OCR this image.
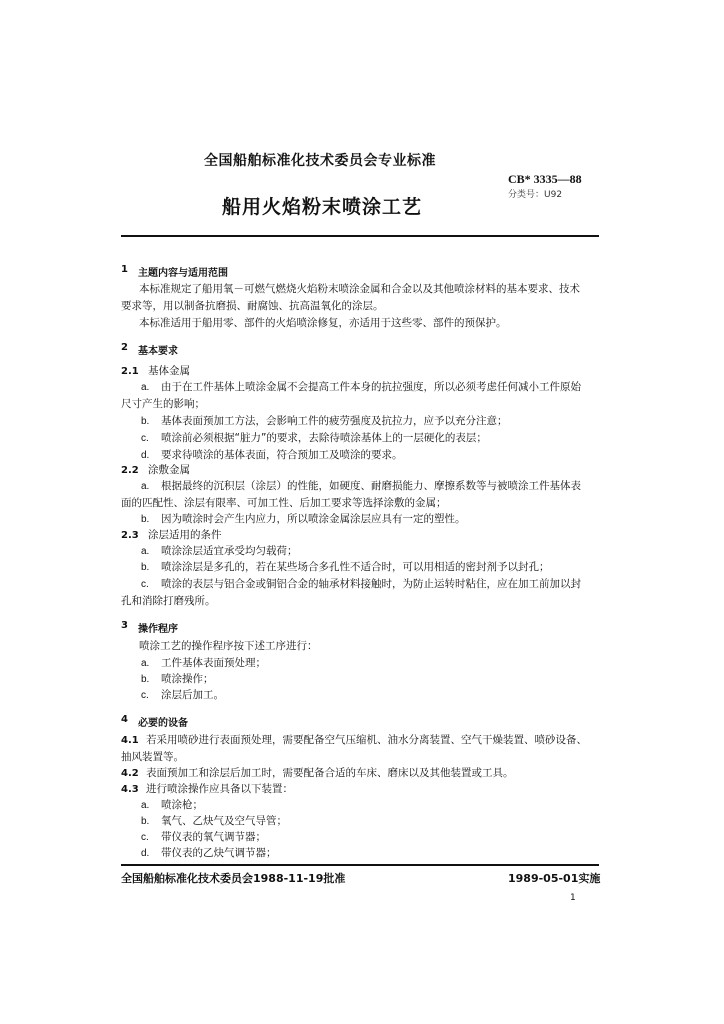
全国船舶标准化技术委员会专业标准
CB* 3335—88
分类号：U92
船用火焰粉末喷涂工艺
1 主题内容与适用范围
本标准规定了船用氧－可燃气燃烧火焰粉末喷涂金属和合金以及其他喷涂材料的基本要求、技术
要求等，用以制备抗磨损、耐腐蚀、抗高温氧化的涂层。
本标准适用于船用零、部件的火焰喷涂修复，亦适用于这些零、部件的预保护。
2 基本要求
2.1 基体金属
a. 由于在工件基体上喷涂金属不会提高工件本身的抗拉强度，所以必须考虑任何减小工件原始
尺寸产生的影响；
b. 基体表面预加工方法，会影响工件的疲劳强度及抗拉力，应予以充分注意；
c. 喷涂前必须根据“脏力”的要求，去除待喷涂基体上的一层硬化的表层；
d. 要求待喷涂的基体表面，符合预加工及喷涂的要求。
2.2 涂敷金属
a. 根据最终的沉积层（涂层）的性能，如硬度、耐磨损能力、摩擦系数等与被喷涂工件基体表
面的匹配性、涂层有限率、可加工性、后加工要求等选择涂敷的金属；
b. 因为喷涂时会产生内应力，所以喷涂金属涂层应具有一定的塑性。
2.3 涂层适用的条件
a. 喷涂涂层适宜承受均匀载荷；
b. 喷涂涂层是多孔的，若在某些场合多孔性不适合时，可以用相适的密封剂予以封孔；
c. 喷涂的表层与铝合金或铜铝合金的轴承材料接触时，为防止运转时粘住，应在加工前加以封
孔和消除打磨残所。
3 操作程序
喷涂工艺的操作程序按下述工序进行：
a. 工件基体表面预处理；
b. 喷涂操作；
c. 涂层后加工。
4 必要的设备
4.1 若采用喷砂进行表面预处理，需要配备空气压缩机、油水分离装置、空气干燥装置、喷砂设备、
抽风装置等。
4.2 表面预加工和涂层后加工时，需要配备合适的车床、磨床以及其他装置或工具。
4.3 进行喷涂操作应具备以下装置：
a. 喷涂枪；
b. 氧气、乙炔气及空气导管；
c. 带仪表的氧气调节器；
d. 带仪表的乙炔气调节器；
全国船舶标准化技术委员会1988-11-19批准	1989-05-01实施
1
